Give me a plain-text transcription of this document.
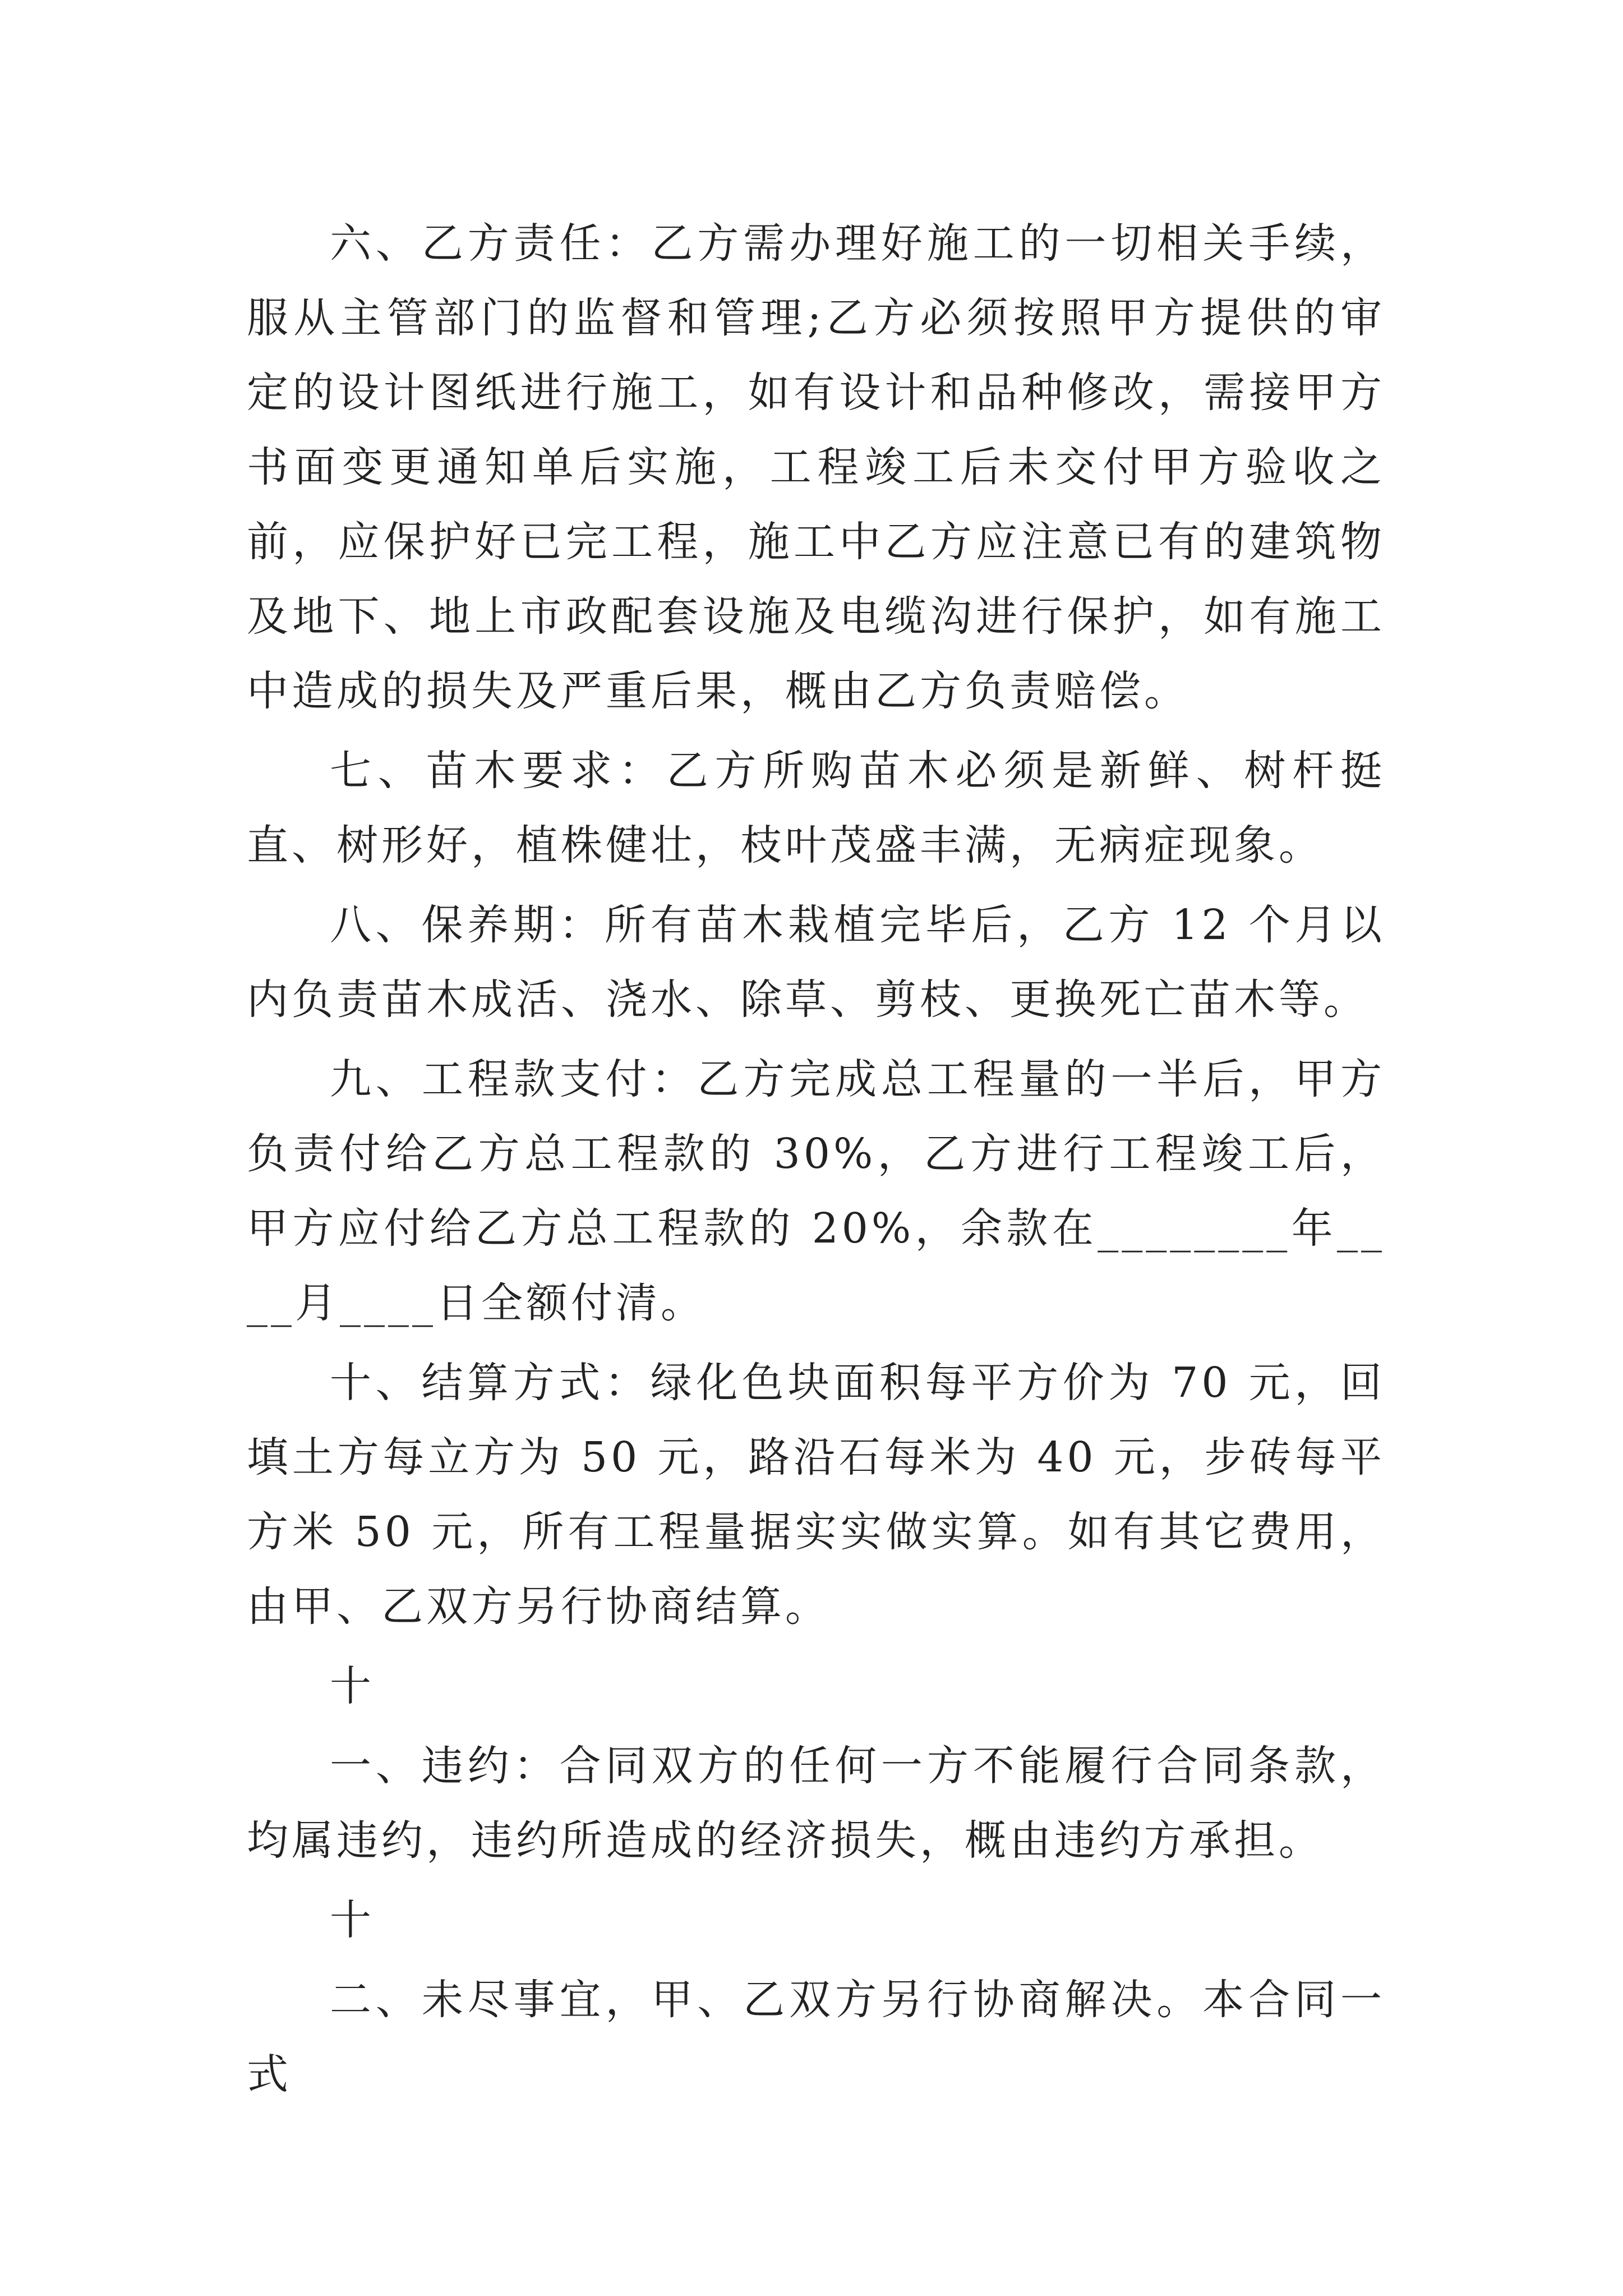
六、乙方责任：乙方需办理好施工的一切相关手续，服从主管部门的监督和管理;乙方必须按照甲方提供的审定的设计图纸进行施工，如有设计和品种修改，需接甲方书面变更通知单后实施，工程竣工后未交付甲方验收之前，应保护好已完工程，施工中乙方应注意已有的建筑物及地下、地上市政配套设施及电缆沟进行保护，如有施工中造成的损失及严重后果，概由乙方负责赔偿。

七、苗木要求：乙方所购苗木必须是新鲜、树杆挺直、树形好，植株健壮，枝叶茂盛丰满，无病症现象。

八、保养期：所有苗木栽植完毕后，乙方 12 个月以内负责苗木成活、浇水、除草、剪枝、更换死亡苗木等。

九、工程款支付：乙方完成总工程量的一半后，甲方负责付给乙方总工程款的 30%，乙方进行工程竣工后，甲方应付给乙方总工程款的 20%，余款在________年____月____日全额付清。

十、结算方式：绿化色块面积每平方价为 70 元，回填土方每立方为 50 元，路沿石每米为 40 元，步砖每平方米 50 元，所有工程量据实实做实算。如有其它费用，由甲、乙双方另行协商结算。

十

一、违约：合同双方的任何一方不能履行合同条款，均属违约，违约所造成的经济损失，概由违约方承担。

十

二、未尽事宜，甲、乙双方另行协商解决。本合同一式
